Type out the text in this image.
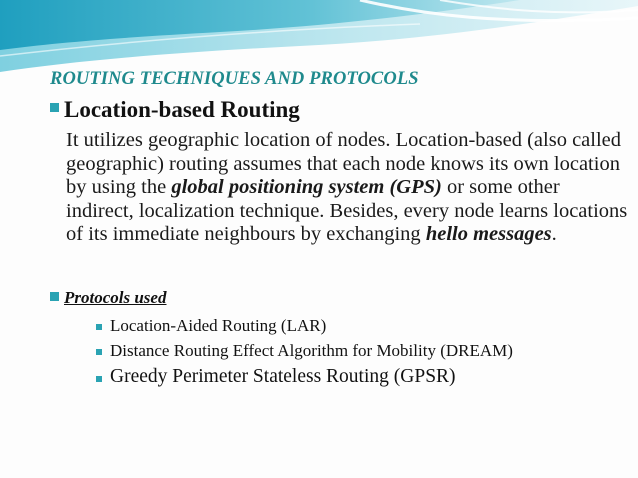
ROUTING TECHNIQUES AND PROTOCOLS
Location-based Routing

It utilizes geographic location of nodes. Location-based (also called geographic) routing assumes that each node knows its own location by using the global positioning system (GPS) or some other indirect, localization technique. Besides, every node learns locations of its immediate neighbours by exchanging hello messages.

Protocols used
Location-Aided Routing (LAR)
Distance Routing Effect Algorithm for Mobility (DREAM)
Greedy Perimeter Stateless Routing (GPSR)
